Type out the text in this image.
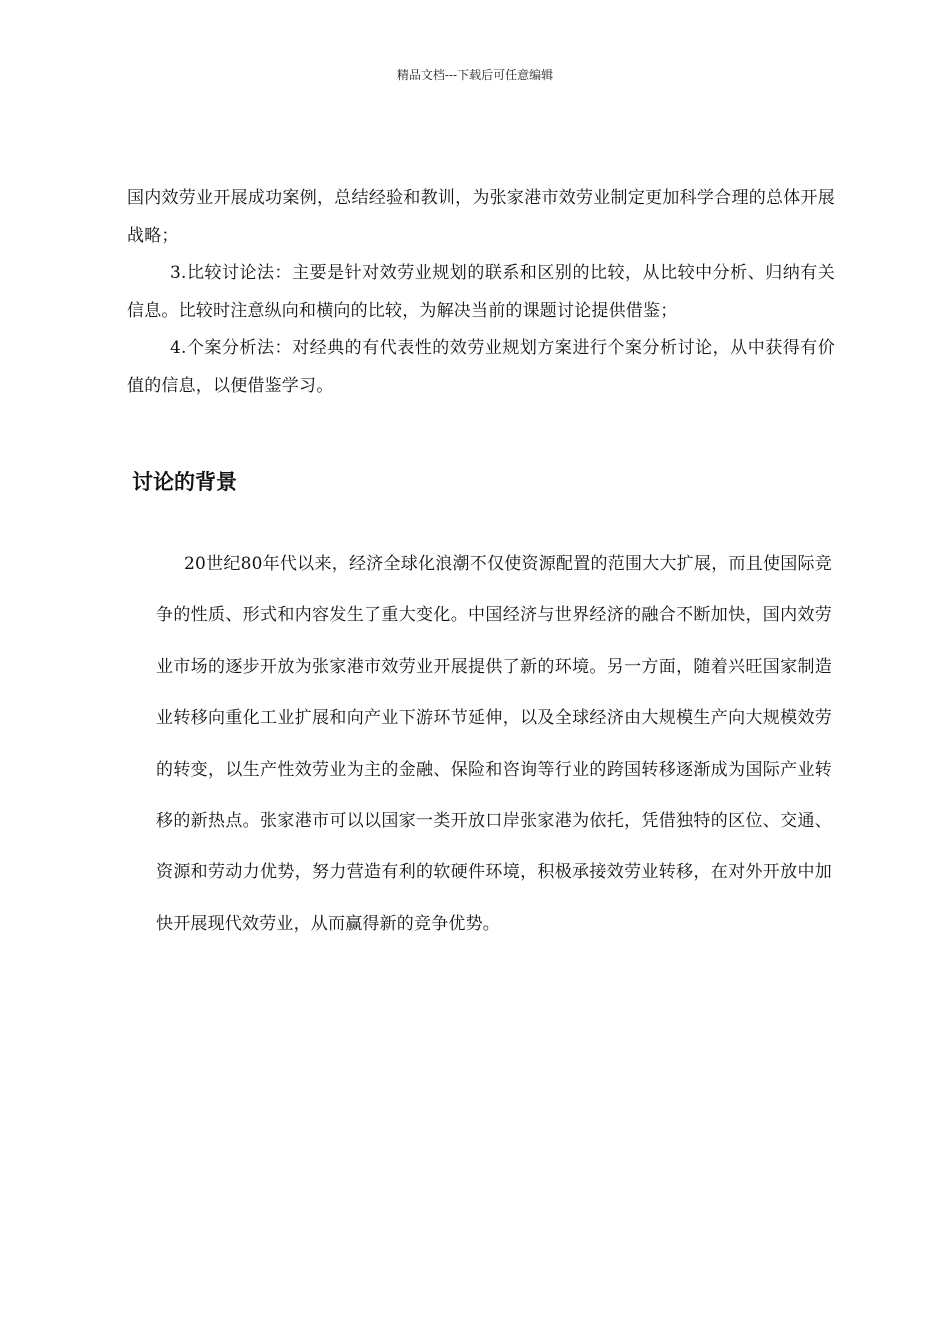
精品文档---下载后可任意编辑

国内效劳业开展成功案例，总结经验和教训，为张家港市效劳业制定更加科学合理的总体开展战略；

3.比较讨论法：主要是针对效劳业规划的联系和区别的比较，从比较中分析、归纳有关信息。比较时注意纵向和横向的比较，为解决当前的课题讨论提供借鉴；

4.个案分析法：对经典的有代表性的效劳业规划方案进行个案分析讨论，从中获得有价值的信息，以便借鉴学习。

讨论的背景

20世纪80年代以来，经济全球化浪潮不仅使资源配置的范围大大扩展，而且使国际竞争的性质、形式和内容发生了重大变化。中国经济与世界经济的融合不断加快，国内效劳业市场的逐步开放为张家港市效劳业开展提供了新的环境。另一方面，随着兴旺国家制造业转移向重化工业扩展和向产业下游环节延伸，以及全球经济由大规模生产向大规模效劳的转变，以生产性效劳业为主的金融、保险和咨询等行业的跨国转移逐渐成为国际产业转移的新热点。张家港市可以以国家一类开放口岸张家港为依托，凭借独特的区位、交通、资源和劳动力优势，努力营造有利的软硬件环境，积极承接效劳业转移，在对外开放中加快开展现代效劳业，从而赢得新的竞争优势。
